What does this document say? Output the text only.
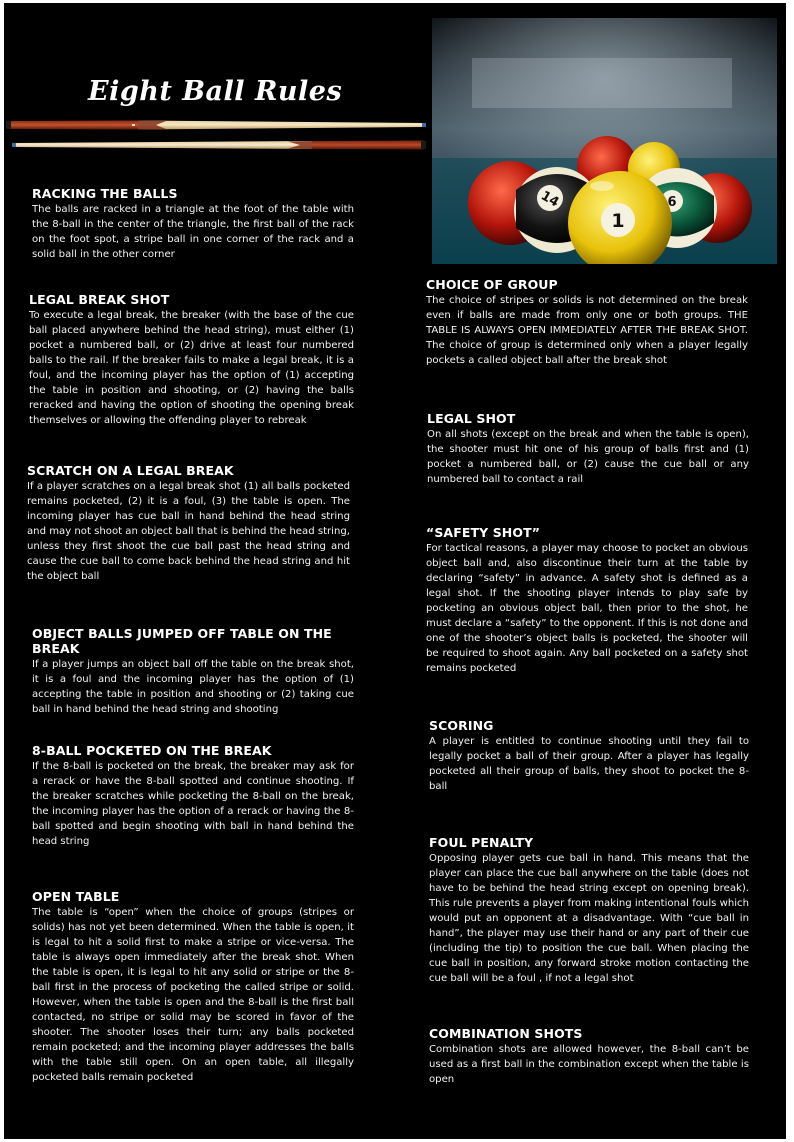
Eight Ball Rules
6
14
1
RACKING THE BALLS

The balls are racked in a triangle at the foot of the table with the 8-ball in the center of the triangle, the first ball of the rack on the foot spot, a stripe ball in one corner of the rack and a solid ball in the other corner

LEGAL BREAK SHOT

To execute a legal break, the breaker (with the base of the cue ball placed anywhere behind the head string), must either (1) pocket a numbered ball, or (2) drive at least four numbered balls to the rail. If the breaker fails to make a legal break, it is a foul, and the incoming player has the option of (1) accepting the table in position and shooting, or (2) having the balls reracked and having the option of shooting the opening break themselves or allowing the offending player to rebreak

SCRATCH ON A LEGAL BREAK

If a player scratches on a legal break shot (1) all balls pocketed remains pocketed, (2) it is a foul, (3) the table is open. The incoming player has cue ball in hand behind the head string and may not shoot an object ball that is behind the head string, unless they first shoot the cue ball past the head string and cause the cue ball to come back behind the head string and hit the object ball

OBJECT BALLS JUMPED OFF TABLE ON THE BREAK

If a player jumps an object ball off the table on the break shot, it is a foul and the incoming player has the option of (1) accepting the table in position and shooting or (2) taking cue ball in hand behind the head string and shooting

8-BALL POCKETED ON THE BREAK

If the 8-ball is pocketed on the break, the breaker may ask for a rerack or have the 8-ball spotted and continue shooting. If the breaker scratches while pocketing the 8-ball on the break, the incoming player has the option of a rerack or having the 8-ball spotted and begin shooting with ball in hand behind the head string

OPEN TABLE

The table is “open” when the choice of groups (stripes or solids) has not yet been determined. When the table is open, it is legal to hit a solid first to make a stripe or vice-versa. The table is always open immediately after the break shot. When the table is open, it is legal to hit any solid or stripe or the 8-ball first in the process of pocketing the called stripe or solid. However, when the table is open and the 8-ball is the first ball contacted, no stripe or solid may be scored in favor of the shooter. The shooter loses their turn; any balls pocketed remain pocketed; and the incoming player addresses the balls with the table still open. On an open table, all illegally pocketed balls remain pocketed

CHOICE OF GROUP

The choice of stripes or solids is not determined on the break even if balls are made from only one or both groups. THE TABLE IS ALWAYS OPEN IMMEDIATELY AFTER THE BREAK SHOT. The choice of group is determined only when a player legally pockets a called object ball after the break shot

LEGAL SHOT

On all shots (except on the break and when the table is open), the shooter must hit one of his group of balls first and (1) pocket a numbered ball, or (2) cause the cue ball or any numbered ball to contact a rail

“SAFETY SHOT”

For tactical reasons, a player may choose to pocket an obvious object ball and, also discontinue their turn at the table by declaring “safety” in advance. A safety shot is defined as a legal shot. If the shooting player intends to play safe by pocketing an obvious object ball, then prior to the shot, he must declare a “safety” to the opponent. If this is not done and one of the shooter’s object balls is pocketed, the shooter will be required to shoot again. Any ball pocketed on a safety shot remains pocketed

SCORING

A player is entitled to continue shooting until they fail to legally pocket a ball of their group. After a player has legally pocketed all their group of balls, they shoot to pocket the 8-ball

FOUL PENALTY

Opposing player gets cue ball in hand. This means that the player can place the cue ball anywhere on the table (does not have to be behind the head string except on opening break). This rule prevents a player from making intentional fouls which would put an opponent at a disadvantage. With “cue ball in hand”, the player may use their hand or any part of their cue (including the tip) to position the cue ball. When placing the cue ball in position, any forward stroke motion contacting the cue ball will be a foul , if not a legal shot

COMBINATION SHOTS

Combination shots are allowed however, the 8-ball can’t be used as a first ball in the combination except when the table is open
